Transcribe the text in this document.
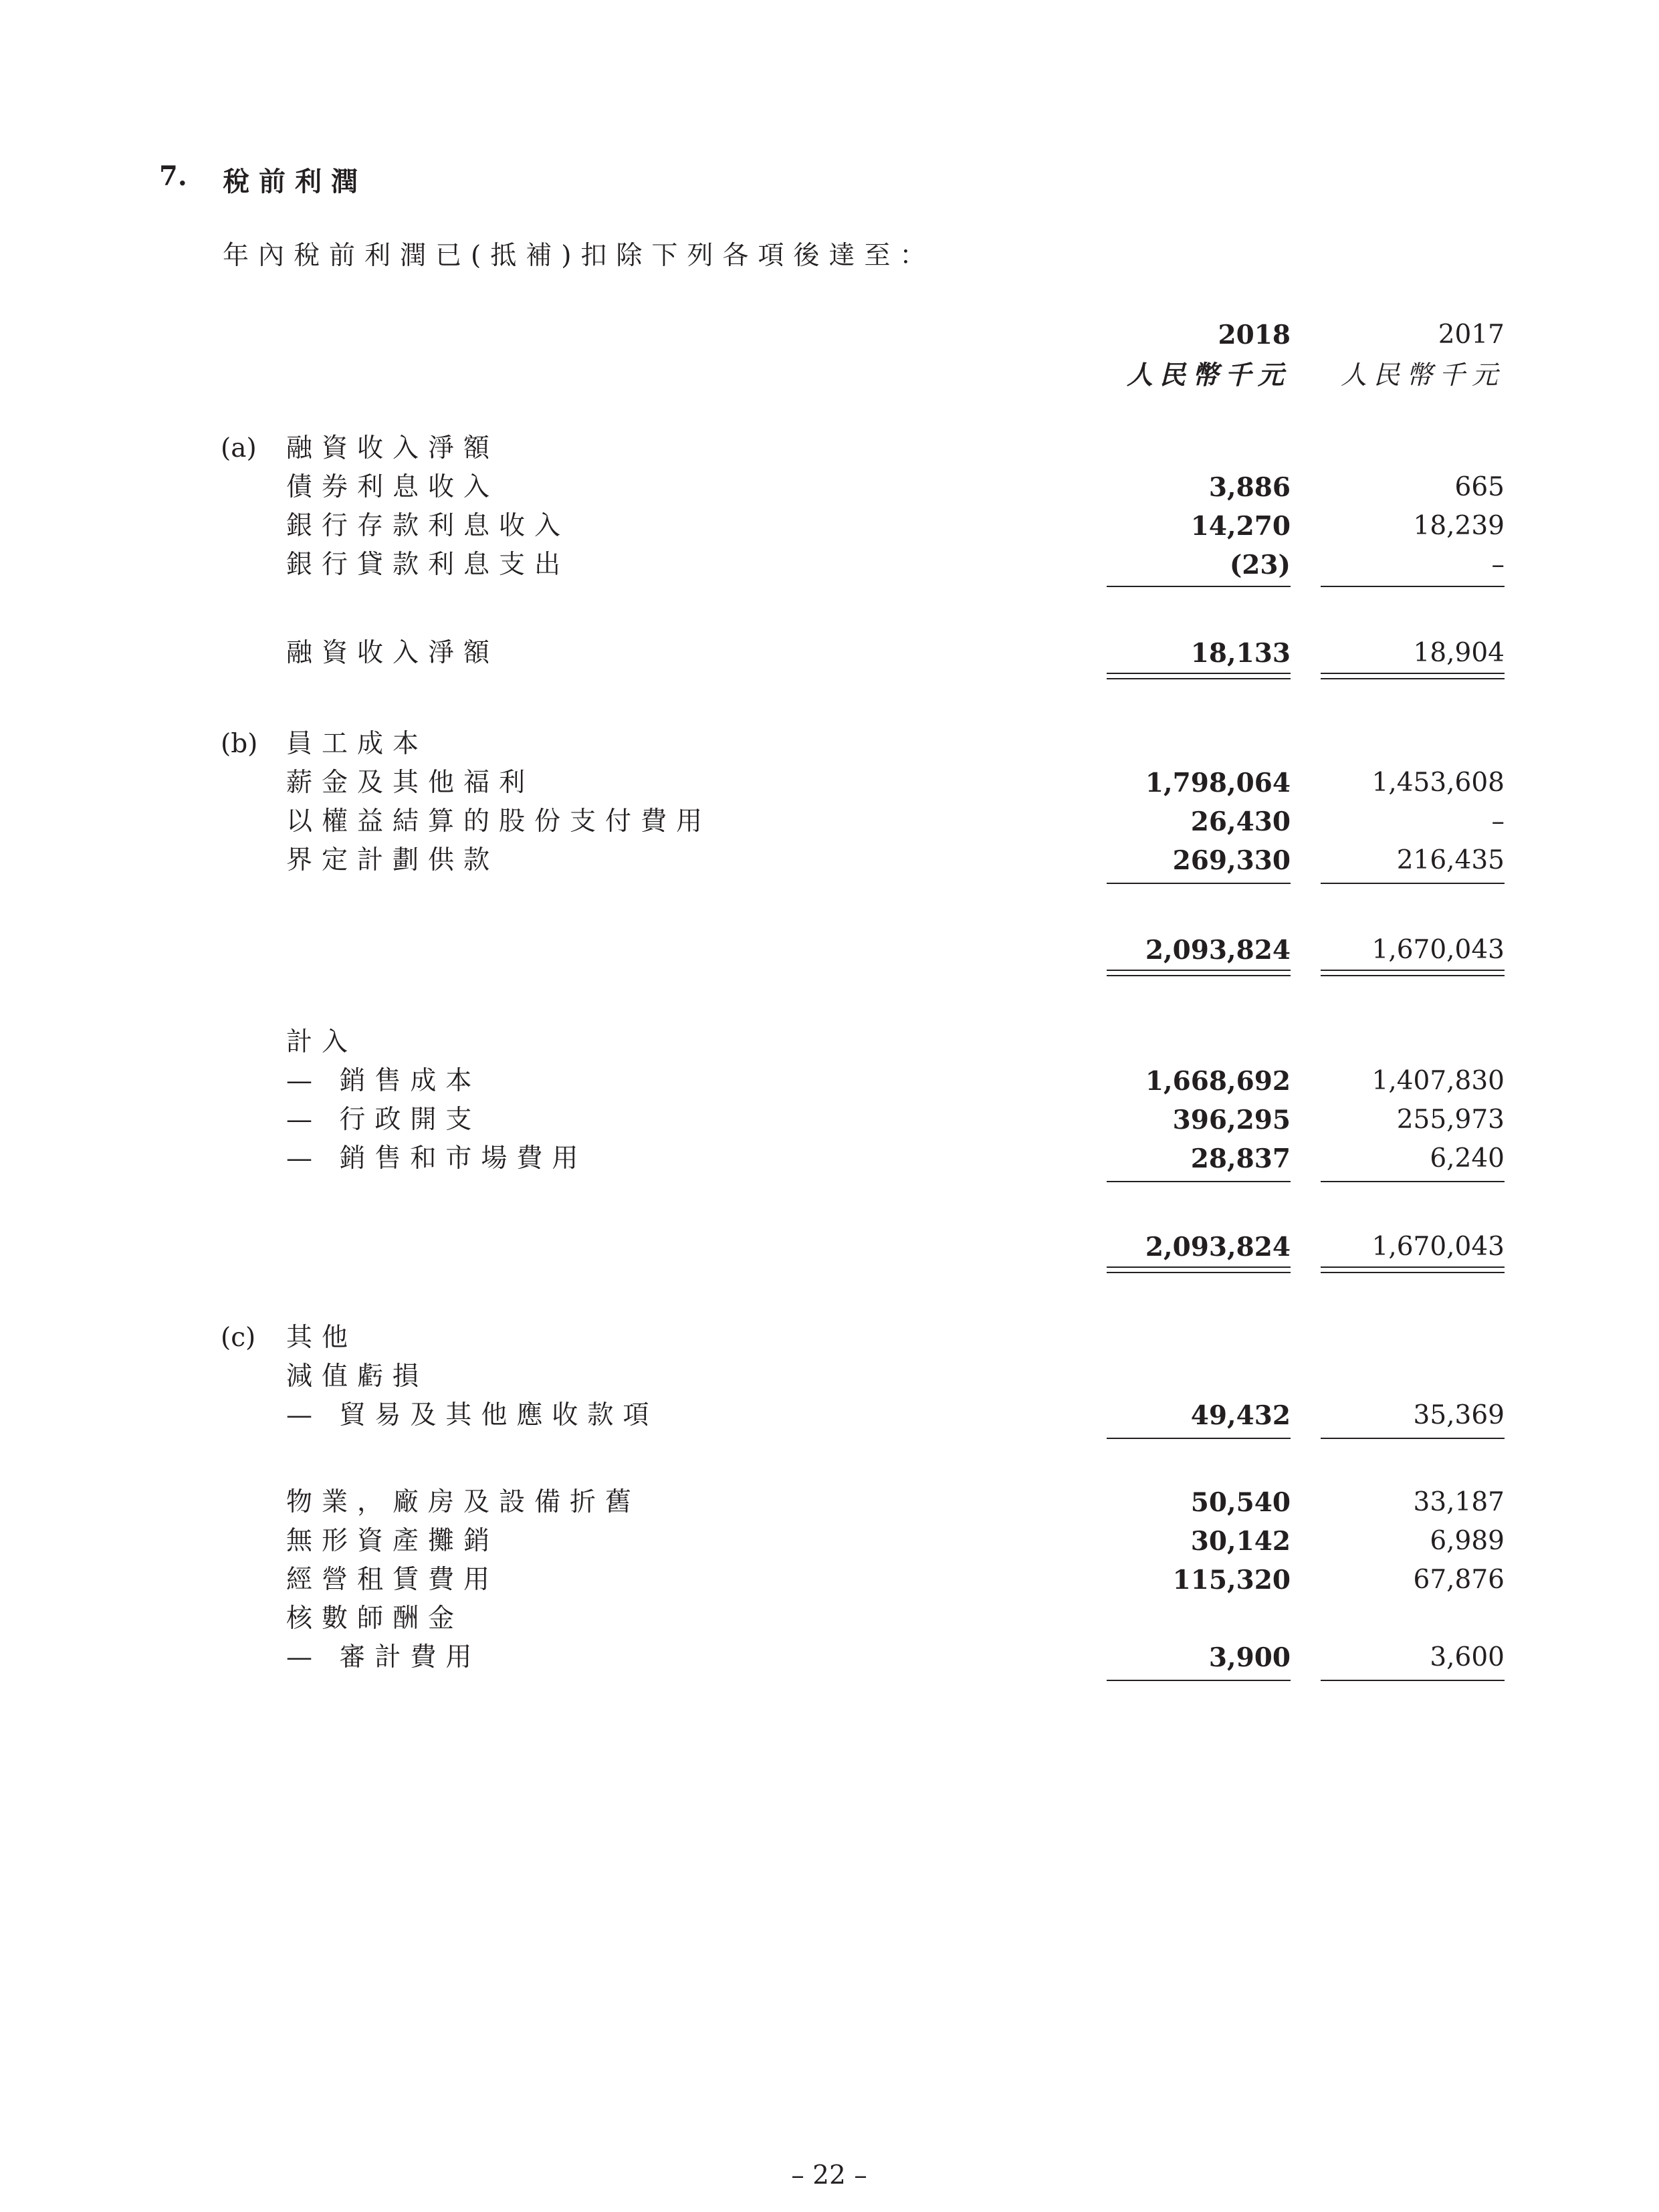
7. 稅前利潤
年內稅前利潤已(抵補)扣除下列各項後達至：
2018	2017
人民幣千元	人民幣千元
(a) 融資收入淨額
債券利息收入	3,886	665
銀行存款利息收入	14,270	18,239
銀行貸款利息支出	(23)	–
融資收入淨額	18,133	18,904
(b) 員工成本
薪金及其他福利	1,798,064	1,453,608
以權益結算的股份支付費用	26,430	–
界定計劃供款	269,330	216,435
2,093,824	1,670,043
計入
— 銷售成本	1,668,692	1,407,830
— 行政開支	396,295	255,973
— 銷售和市場費用	28,837	6,240
2,093,824	1,670,043
(c) 其他
減值虧損
— 貿易及其他應收款項	49,432	35,369
物業，廠房及設備折舊	50,540	33,187
無形資產攤銷	30,142	6,989
經營租賃費用	115,320	67,876
核數師酬金
— 審計費用	3,900	3,600
– 22 –
